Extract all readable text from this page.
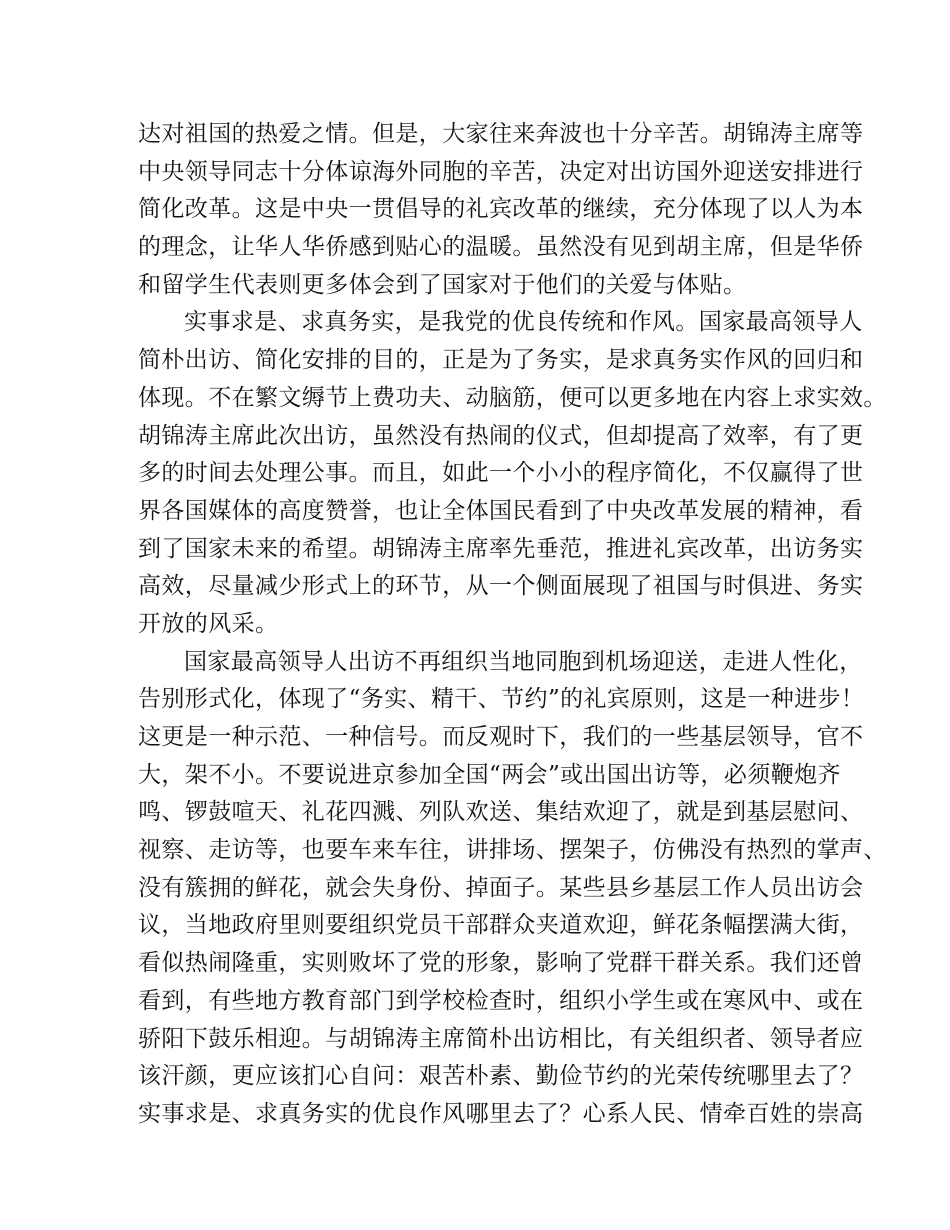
达对祖国的热爱之情。但是，大家往来奔波也十分辛苦。胡锦涛主席等
中央领导同志十分体谅海外同胞的辛苦，决定对出访国外迎送安排进行
简化改革。这是中央一贯倡导的礼宾改革的继续，充分体现了以人为本
的理念，让华人华侨感到贴心的温暖。虽然没有见到胡主席，但是华侨
和留学生代表则更多体会到了国家对于他们的关爱与体贴。
实事求是、求真务实，是我党的优良传统和作风。国家最高领导人
简朴出访、简化安排的目的，正是为了务实，是求真务实作风的回归和
体现。不在繁文缛节上费功夫、动脑筋，便可以更多地在内容上求实效。
胡锦涛主席此次出访，虽然没有热闹的仪式，但却提高了效率，有了更
多的时间去处理公事。而且，如此一个小小的程序简化，不仅赢得了世
界各国媒体的高度赞誉，也让全体国民看到了中央改革发展的精神，看
到了国家未来的希望。胡锦涛主席率先垂范，推进礼宾改革，出访务实
高效，尽量减少形式上的环节，从一个侧面展现了祖国与时俱进、务实
开放的风采。
国家最高领导人出访不再组织当地同胞到机场迎送，走进人性化，
告别形式化，体现了“务实、精干、节约”的礼宾原则，这是一种进步！
这更是一种示范、一种信号。而反观时下，我们的一些基层领导，官不
大，架不小。不要说进京参加全国“两会”或出国出访等，必须鞭炮齐
鸣、锣鼓喧天、礼花四溅、列队欢送、集结欢迎了，就是到基层慰问、
视察、走访等，也要车来车往，讲排场、摆架子，仿佛没有热烈的掌声、
没有簇拥的鲜花，就会失身份、掉面子。某些县乡基层工作人员出访会
议，当地政府里则要组织党员干部群众夹道欢迎，鲜花条幅摆满大街，
看似热闹隆重，实则败坏了党的形象，影响了党群干群关系。我们还曾
看到，有些地方教育部门到学校检查时，组织小学生或在寒风中、或在
骄阳下鼓乐相迎。与胡锦涛主席简朴出访相比，有关组织者、领导者应
该汗颜，更应该扪心自问：艰苦朴素、勤俭节约的光荣传统哪里去了？
实事求是、求真务实的优良作风哪里去了？心系人民、情牵百姓的崇高
